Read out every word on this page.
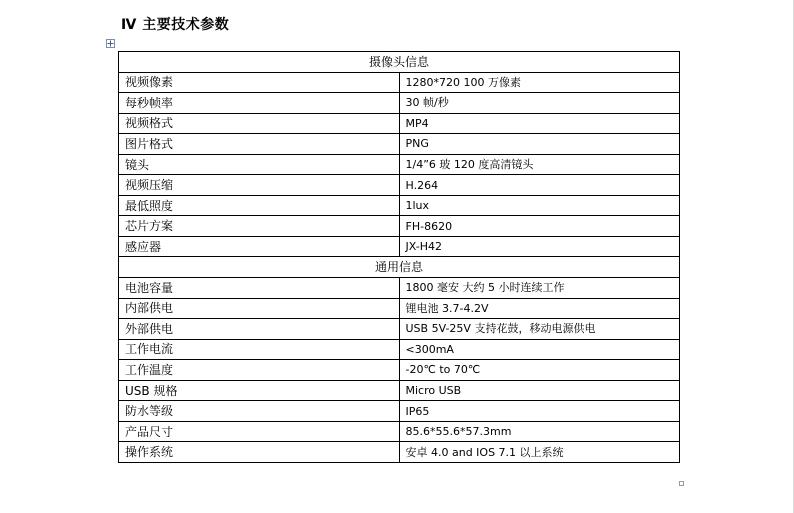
Ⅳ 主要技术参数
摄像头信息	
视频像素	1280*720 100 万像素
每秒帧率	30 帧/秒
视频格式	MP4
图片格式	PNG
镜头	1/4”6 玻 120 度高清镜头
视频压缩	H.264
最低照度	1lux
芯片方案	FH-8620
感应器	JX-H42
通用信息	
电池容量	1800 毫安 大约 5 小时连续工作
内部供电	锂电池 3.7-4.2V
外部供电	USB 5V-25V 支持花鼓，移动电源供电
工作电流	<300mA
工作温度	-20℃ to 70℃
USB 规格	Micro USB
防水等级	IP65
产品尺寸	85.6*55.6*57.3mm
操作系统	安卓 4.0 and IOS 7.1 以上系统
